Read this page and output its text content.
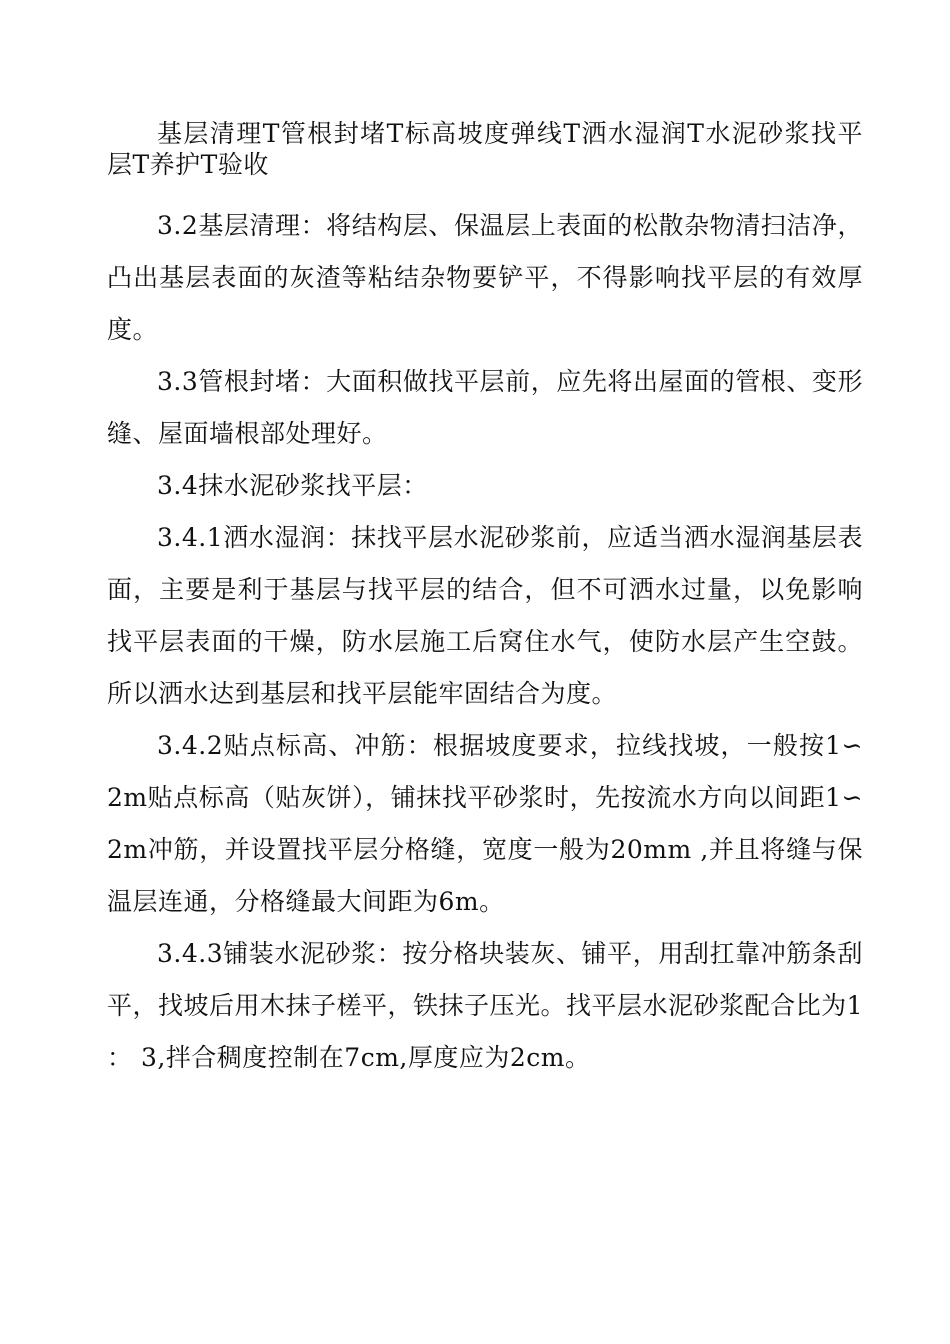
基层清理T管根封堵T标高坡度弹线T洒水湿润T水泥砂浆找平层T养护T验收

3.2基层清理：将结构层、保温层上表面的松散杂物清扫洁净，凸出基层表面的灰渣等粘结杂物要铲平，不得影响找平层的有效厚度。

3.3管根封堵：大面积做找平层前，应先将出屋面的管根、变形缝、屋面墙根部处理好。

3.4抹水泥砂浆找平层：

3.4.1洒水湿润：抹找平层水泥砂浆前，应适当洒水湿润基层表面，主要是利于基层与找平层的结合，但不可洒水过量，以免影响找平层表面的干燥，防水层施工后窝住水气，使防水层产生空鼓。所以洒水达到基层和找平层能牢固结合为度。

3.4.2贴点标高、冲筋：根据坡度要求，拉线找坡，一般按1∽2m贴点标高（贴灰饼），铺抹找平砂浆时，先按流水方向以间距1∽2m冲筋，并设置找平层分格缝，宽度一般为20mm ,并且将缝与保温层连通，分格缝最大间距为6m。

3.4.3铺装水泥砂浆：按分格块装灰、铺平，用刮扛靠冲筋条刮平，找坡后用木抹子槎平，铁抹子压光。找平层水泥砂浆配合比为1 ： 3,拌合稠度控制在7cm,厚度应为2cm。
